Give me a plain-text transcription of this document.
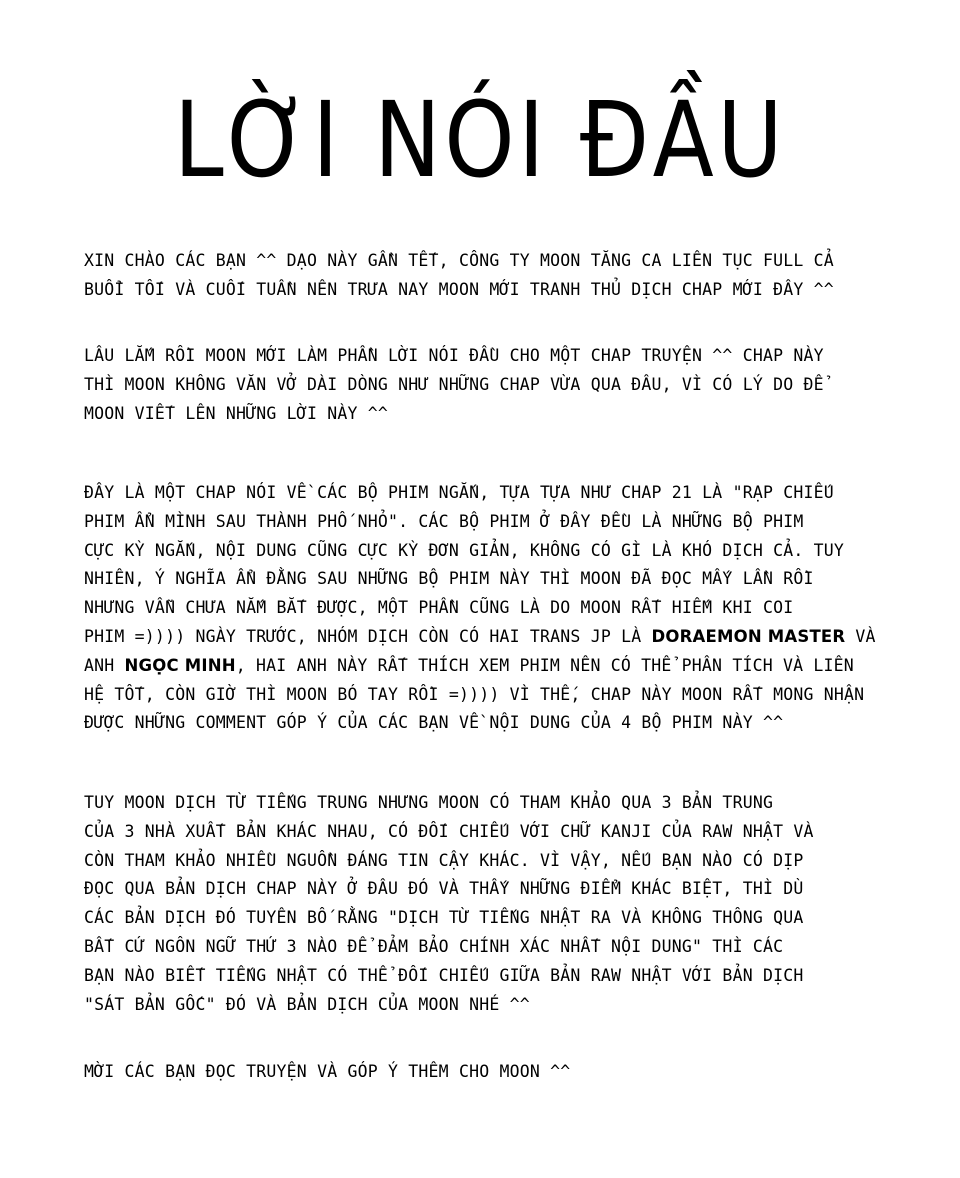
LỜI NÓI ĐẦU
XIN CHÀO CÁC BẠN ^^ DẠO NÀY GẦN TẾT, CÔNG TY MOON TĂNG CA LIÊN TỤC FULL CẢ
BUỔI TỐI VÀ CUỐI TUẦN NÊN TRƯA NAY MOON MỚI TRANH THỦ DỊCH CHAP MỚI ĐÂY ^^
LÂU LẮM RỒI MOON MỚI LÀM PHẦN LỜI NÓI ĐẦU CHO MỘT CHAP TRUYỆN ^^ CHAP NÀY
THÌ MOON KHÔNG VĂN VỞ DÀI DÒNG NHƯ NHỮNG CHAP VỪA QUA ĐÂU, VÌ CÓ LÝ DO ĐỂ
MOON VIẾT LÊN NHỮNG LỜI NÀY ^^
ĐÂY LÀ MỘT CHAP NÓI VỀ CÁC BỘ PHIM NGẮN, TỰA TỰA NHƯ CHAP 21 LÀ "RẠP CHIẾU
PHIM ẨN MÌNH SAU THÀNH PHỐ NHỎ". CÁC BỘ PHIM Ở ĐÂY ĐỀU LÀ NHỮNG BỘ PHIM
CỰC KỲ NGẮN, NỘI DUNG CŨNG CỰC KỲ ĐƠN GIẢN, KHÔNG CÓ GÌ LÀ KHÓ DỊCH CẢ. TUY
NHIÊN, Ý NGHĨA ẨN ĐẰNG SAU NHỮNG BỘ PHIM NÀY THÌ MOON ĐÃ ĐỌC MẤY LẦN RỒI
NHƯNG VẪN CHƯA NẮM BẮT ĐƯỢC, MỘT PHẦN CŨNG LÀ DO MOON RẤT HIẾM KHI COI
PHIM =)))) NGÀY TRƯỚC, NHÓM DỊCH CÒN CÓ HAI TRANS JP LÀ DORAEMON MASTER VÀ
ANH NGỌC MINH, HAI ANH NÀY RẤT THÍCH XEM PHIM NÊN CÓ THỂ PHÂN TÍCH VÀ LIÊN
HỆ TỐT, CÒN GIỜ THÌ MOON BÓ TAY RỒI =)))) VÌ THẾ, CHAP NÀY MOON RẤT MONG NHẬN
ĐƯỢC NHỮNG COMMENT GÓP Ý CỦA CÁC BẠN VỀ NỘI DUNG CỦA 4 BỘ PHIM NÀY ^^
TUY MOON DỊCH TỪ TIẾNG TRUNG NHƯNG MOON CÓ THAM KHẢO QUA 3 BẢN TRUNG
CỦA 3 NHÀ XUẤT BẢN KHÁC NHAU, CÓ ĐỐI CHIẾU VỚI CHỮ KANJI CỦA RAW NHẬT VÀ
CÒN THAM KHẢO NHIỀU NGUỒN ĐÁNG TIN CẬY KHÁC. VÌ VẬY, NẾU BẠN NÀO CÓ DỊP
ĐỌC QUA BẢN DỊCH CHAP NÀY Ở ĐÂU ĐÓ VÀ THẤY NHỮNG ĐIỂM KHÁC BIỆT, THÌ DÙ
CÁC BẢN DỊCH ĐÓ TUYÊN BỐ RẰNG "DỊCH TỪ TIẾNG NHẬT RA VÀ KHÔNG THÔNG QUA
BẤT CỨ NGÔN NGỮ THỨ 3 NÀO ĐỂ ĐẢM BẢO CHÍNH XÁC NHẤT NỘI DUNG" THÌ CÁC
BẠN NÀO BIẾT TIẾNG NHẬT CÓ THỂ ĐỐI CHIẾU GIỮA BẢN RAW NHẬT VỚI BẢN DỊCH
"SÁT BẢN GỐC" ĐÓ VÀ BẢN DỊCH CỦA MOON NHÉ ^^
MỜI CÁC BẠN ĐỌC TRUYỆN VÀ GÓP Ý THÊM CHO MOON ^^
